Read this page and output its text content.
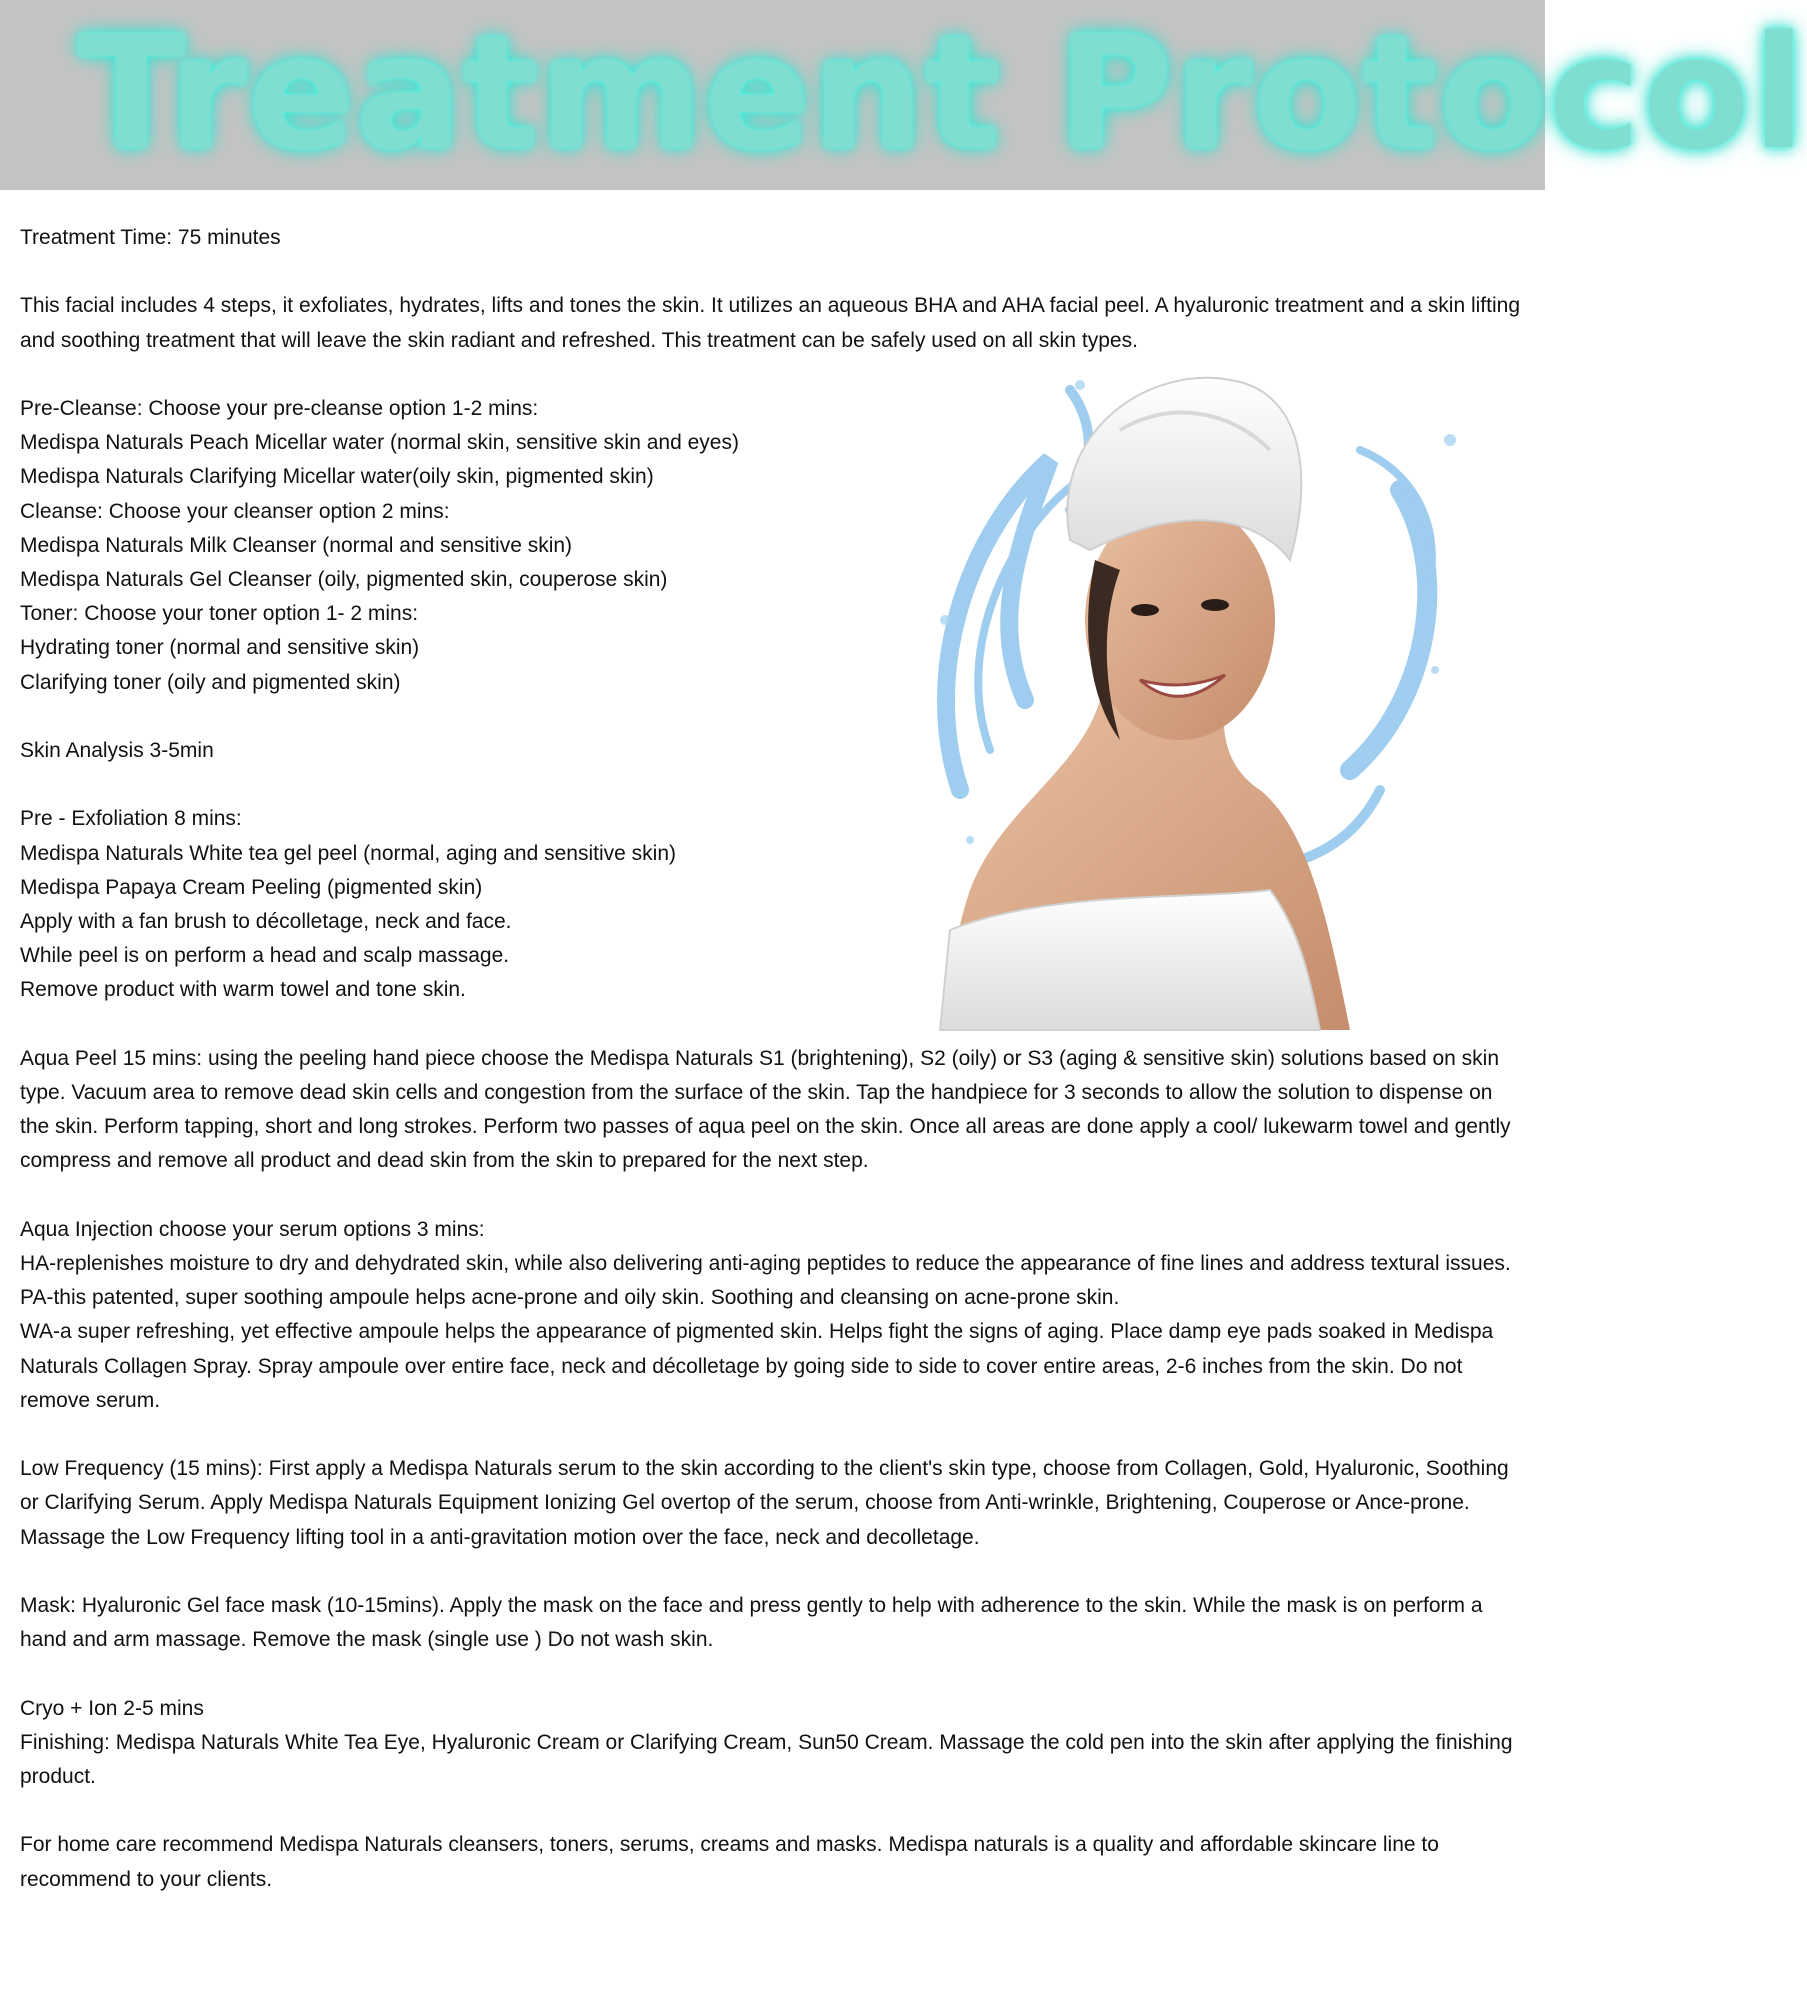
Treatment Protocol

Treatment Time: 75 minutes

This facial includes 4 steps, it exfoliates, hydrates, lifts and tones the skin. It utilizes an aqueous BHA and AHA facial peel. A hyaluronic treatment and a skin lifting and soothing treatment that will leave the skin radiant and refreshed. This treatment can be safely used on all skin types.

Pre-Cleanse: Choose your pre-cleanse option 1-2 mins:
Medispa Naturals Peach Micellar water (normal skin, sensitive skin and eyes)
Medispa Naturals Clarifying Micellar water(oily skin, pigmented skin)
Cleanse: Choose your cleanser option 2 mins:
Medispa Naturals Milk Cleanser (normal and sensitive skin)
Medispa Naturals Gel Cleanser (oily, pigmented skin, couperose skin)
Toner: Choose your toner option 1- 2 mins:
Hydrating toner (normal and sensitive skin)
Clarifying toner (oily and pigmented skin)

Skin Analysis 3-5min

Pre - Exfoliation 8 mins:
Medispa Naturals White tea gel peel (normal, aging and sensitive skin)
Medispa Papaya Cream Peeling (pigmented skin)
Apply with a fan brush to décolletage, neck and face.
While peel is on perform a head and scalp massage.
Remove product with warm towel and tone skin.

Aqua Peel 15 mins: using the peeling hand piece choose the Medispa Naturals S1 (brightening), S2 (oily) or S3 (aging & sensitive skin) solutions based on skin type. Vacuum area to remove dead skin cells and congestion from the surface of the skin. Tap the handpiece for 3 seconds to allow the solution to dispense on the skin. Perform tapping, short and long strokes. Perform two passes of aqua peel on the skin. Once all areas are done apply a cool/ lukewarm towel and gently compress and remove all product and dead skin from the skin to prepared for the next step.

Aqua Injection choose your serum options 3 mins:
HA-replenishes moisture to dry and dehydrated skin, while also delivering anti-aging peptides to reduce the appearance of fine lines and address textural issues.
PA-this patented, super soothing ampoule helps acne-prone and oily skin. Soothing and cleansing on acne-prone skin.
WA-a super refreshing, yet effective ampoule helps the appearance of pigmented skin. Helps fight the signs of aging. Place damp eye pads soaked in Medispa Naturals Collagen Spray. Spray ampoule over entire face, neck and décolletage by going side to side to cover entire areas, 2-6 inches from the skin. Do not remove serum.

Low Frequency (15 mins): First apply a Medispa Naturals serum to the skin according to the client's skin type, choose from Collagen, Gold, Hyaluronic, Soothing or Clarifying Serum. Apply Medispa Naturals Equipment Ionizing Gel overtop of the serum, choose from Anti-wrinkle, Brightening, Couperose or Ance-prone. Massage the Low Frequency lifting tool in a anti-gravitation motion over the face, neck and decolletage.

Mask: Hyaluronic Gel face mask (10-15mins). Apply the mask on the face and press gently to help with adherence to the skin. While the mask is on perform a hand and arm massage. Remove the mask (single use ) Do not wash skin.

Cryo + Ion 2-5 mins
Finishing: Medispa Naturals White Tea Eye, Hyaluronic Cream or Clarifying Cream, Sun50 Cream. Massage the cold pen into the skin after applying the finishing product.

For home care recommend Medispa Naturals cleansers, toners, serums, creams and masks. Medispa naturals is a quality and affordable skincare line to recommend to your clients.
